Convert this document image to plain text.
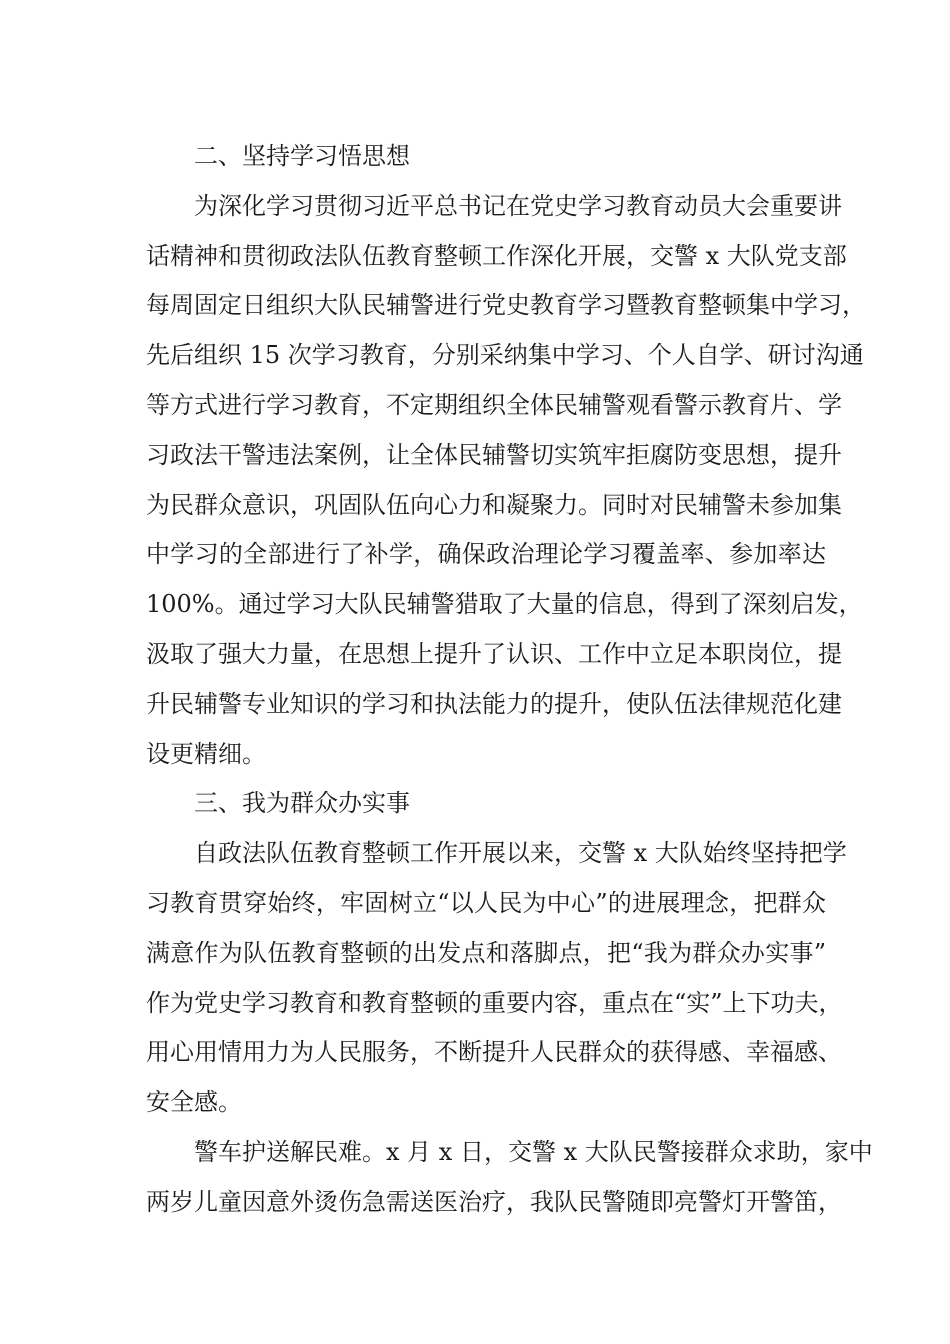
二、坚持学习悟思想
为深化学习贯彻习近平总书记在党史学习教育动员大会重要讲
话精神和贯彻政法队伍教育整顿工作深化开展，交警 x 大队党支部
每周固定日组织大队民辅警进行党史教育学习暨教育整顿集中学习，
先后组织 15 次学习教育，分别采纳集中学习、个人自学、研讨沟通
等方式进行学习教育，不定期组织全体民辅警观看警示教育片、学
习政法干警违法案例，让全体民辅警切实筑牢拒腐防变思想，提升
为民群众意识，巩固队伍向心力和凝聚力。同时对民辅警未参加集
中学习的全部进行了补学，确保政治理论学习覆盖率、参加率达
100%。通过学习大队民辅警猎取了大量的信息，得到了深刻启发，
汲取了强大力量，在思想上提升了认识、工作中立足本职岗位，提
升民辅警专业知识的学习和执法能力的提升，使队伍法律规范化建
设更精细。
三、我为群众办实事
自政法队伍教育整顿工作开展以来，交警 x 大队始终坚持把学
习教育贯穿始终，牢固树立“以人民为中心”的进展理念，把群众
满意作为队伍教育整顿的出发点和落脚点，把“我为群众办实事”
作为党史学习教育和教育整顿的重要内容，重点在“实”上下功夫，
用心用情用力为人民服务，不断提升人民群众的获得感、幸福感、
安全感。
警车护送解民难。x 月 x 日，交警 x 大队民警接群众求助，家中
两岁儿童因意外烫伤急需送医治疗，我队民警随即亮警灯开警笛，
